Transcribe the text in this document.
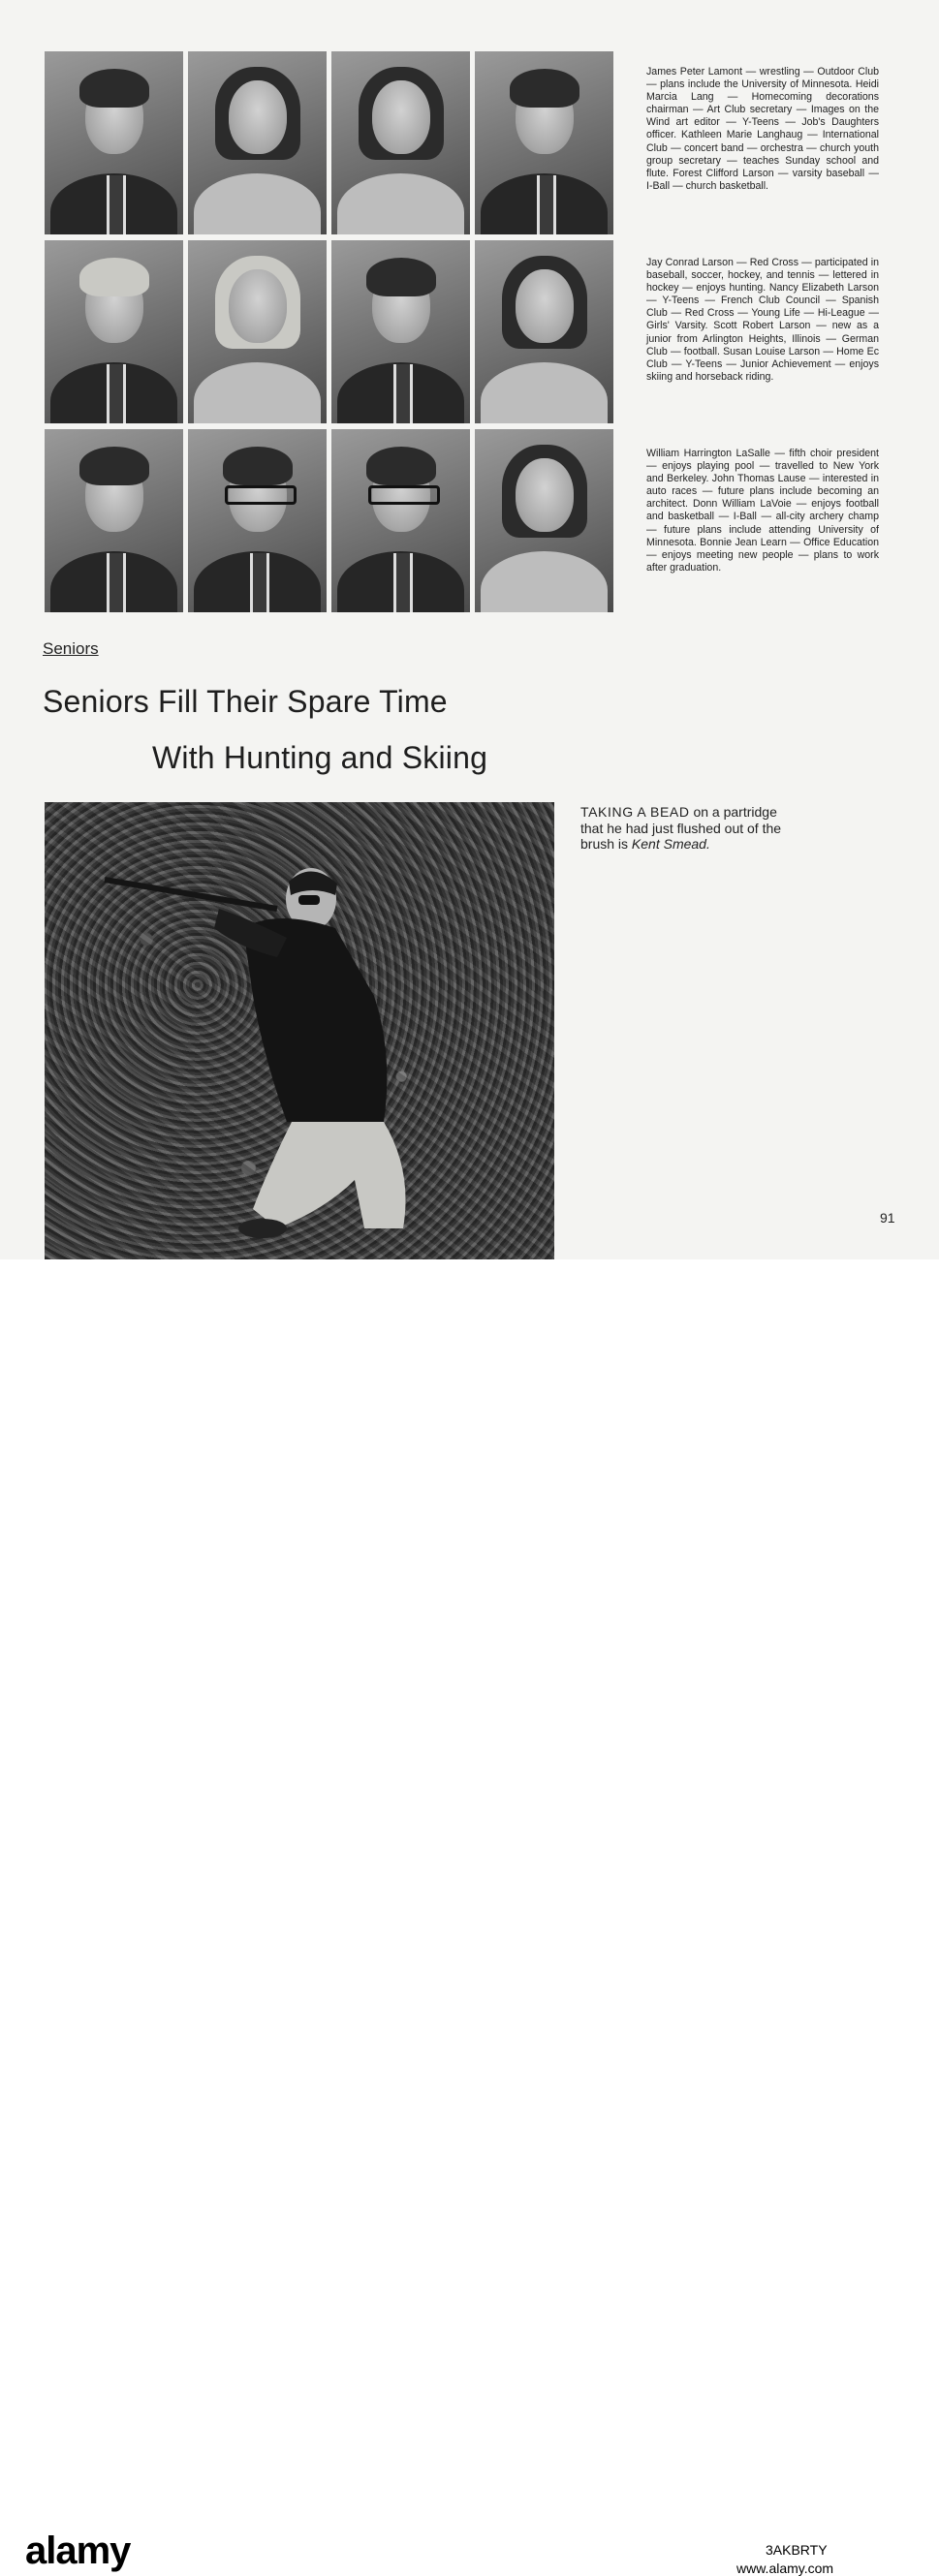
James Peter Lamont — wrestling — Outdoor Club — plans include the University of Minnesota. Heidi Marcia Lang — Homecoming decorations chairman — Art Club secretary — Images on the Wind art editor — Y-Teens — Job's Daughters officer. Kathleen Marie Langhaug — International Club — concert band — orchestra — church youth group secretary — teaches Sunday school and flute. Forest Clifford Larson — varsity baseball — I-Ball — church basketball.
Jay Conrad Larson — Red Cross — participated in baseball, soccer, hockey, and tennis — lettered in hockey — enjoys hunting. Nancy Elizabeth Larson — Y-Teens — French Club Council — Spanish Club — Red Cross — Young Life — Hi-League — Girls' Varsity. Scott Robert Larson — new as a junior from Arlington Heights, Illinois — German Club — football. Susan Louise Larson — Home Ec Club — Y-Teens — Junior Achievement — enjoys skiing and horseback riding.
William Harrington LaSalle — fifth choir president — enjoys playing pool — travelled to New York and Berkeley. John Thomas Lause — interested in auto races — future plans include becoming an architect. Donn William LaVoie — enjoys football and basketball — I-Ball — all-city archery champ — future plans include attending University of Minnesota. Bonnie Jean Learn — Office Education — enjoys meeting new people — plans to work after graduation.
Seniors
Seniors Fill Their Spare Time
With Hunting and Skiing
TAKING A BEAD on a partridge that he had just flushed out of the brush is Kent Smead.
91
alamy	3AKBRTY
www.alamy.com
